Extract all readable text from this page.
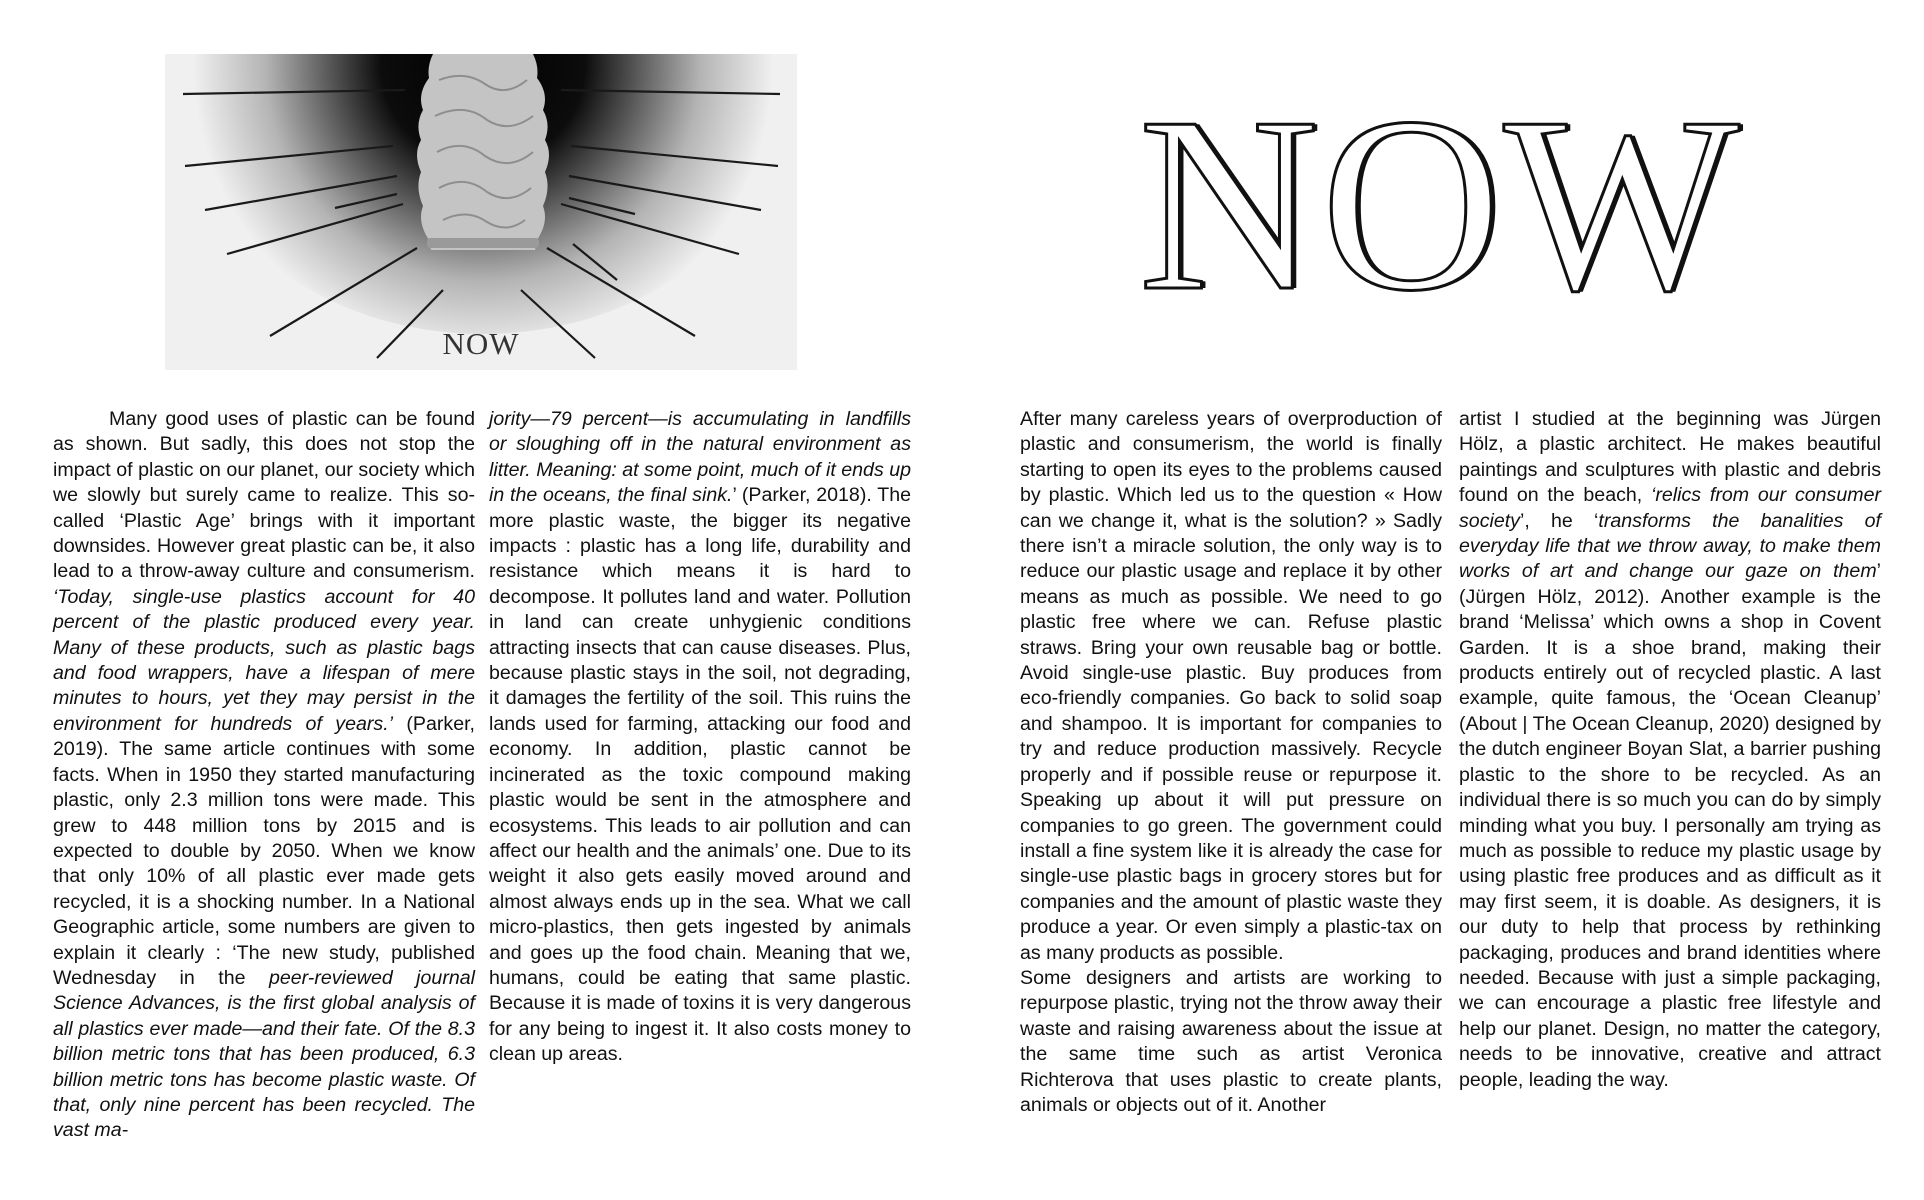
NOW
NOW

Many good uses of plastic can be found as shown. But sadly, this does not stop the impact of plastic on our planet, our society which we slowly but surely came to realize. This so-called ‘Plastic Age’ brings with it important downsides. However great plastic can be, it also lead to a throw-away culture and consumerism. ‘Today, single-use plastics account for 40 percent of the plastic produced every year. Many of these products, such as plastic bags and food wrappers, have a lifespan of mere minutes to hours, yet they may persist in the environment for hundreds of years.’ (Parker, 2019). The same article continues with some facts. When in 1950 they started manufacturing plastic, only 2.3 million tons were made. This grew to 448 million tons by 2015 and is expected to double by 2050. When we know that only 10% of all plastic ever made gets recycled, it is a shocking number. In a National Geographic article, some numbers are given to explain it clearly : ‘The new study, published Wednesday in the peer-reviewed journal Science Advances, is the first global analysis of all plastics ever made—and their fate. Of the 8.3 billion metric tons that has been produced, 6.3 billion metric tons has become plastic waste. Of that, only nine percent has been recycled. The vast ma-

jority—79 percent—is accumulating in landfills or sloughing off in the natural environment as litter. Meaning: at some point, much of it ends up in the oceans, the final sink.’ (Parker, 2018). The more plastic waste, the bigger its negative impacts : plastic has a long life, durability and resistance which means it is hard to decompose. It pollutes land and water. Pollution in land can create unhygienic conditions attracting insects that can cause diseases. Plus, because plastic stays in the soil, not degrading, it damages the fertility of the soil. This ruins the lands used for farming, attacking our food and economy. In addition, plastic cannot be incinerated as the toxic compound making plastic would be sent in the atmosphere and ecosystems. This leads to air pollution and can affect our health and the animals’ one. Due to its weight it also gets easily moved around and almost always ends up in the sea. What we call micro-plastics, then gets ingested by animals and goes up the food chain. Meaning that we, humans, could be eating that same plastic. Because it is made of toxins it is very dangerous for any being to ingest it. It also costs money to clean up areas.

After many careless years of overproduction of plastic and consumerism, the world is finally starting to open its eyes to the problems caused by plastic. Which led us to the question « How can we change it, what is the solution? » Sadly there isn’t a miracle solution, the only way is to reduce our plastic usage and replace it by other means as much as possible. We need to go plastic free where we can. Refuse plastic straws. Bring your own reusable bag or bottle. Avoid single-use plastic. Buy produces from eco-friendly companies. Go back to solid soap and shampoo. It is important for companies to try and reduce production massively. Recycle properly and if possible reuse or repurpose it. Speaking up about it will put pressure on companies to go green. The government could install a fine system like it is already the case for single-use plastic bags in grocery stores but for companies and the amount of plastic waste they produce a year. Or even simply a plastic-tax on as many products as possible.

Some designers and artists are working to repurpose plastic, trying not the throw away their waste and raising awareness about the issue at the same time such as artist Veronica Richterova that uses plastic to create plants, animals or objects out of it. Another

artist I studied at the beginning was Jürgen Hölz, a plastic architect. He makes beautiful paintings and sculptures with plastic and debris found on the beach, ‘relics from our consumer society’, he ‘transforms the banalities of everyday life that we throw away, to make them works of art and change our gaze on them’ (Jürgen Hölz, 2012). Another example is the brand ‘Melissa’ which owns a shop in Covent Garden. It is a shoe brand, making their products entirely out of recycled plastic. A last example, quite famous, the ‘Ocean Cleanup’ (About | The Ocean Cleanup, 2020) designed by the dutch engineer Boyan Slat, a barrier pushing plastic to the shore to be recycled. As an individual there is so much you can do by simply minding what you buy. I personally am trying as much as possible to reduce my plastic usage by using plastic free produces and as difficult as it may first seem, it is doable. As designers, it is our duty to help that process by rethinking packaging, produces and brand identities where needed. Because with just a simple packaging, we can encourage a plastic free lifestyle and help our planet. Design, no matter the category, needs to be innovative, creative and attract people, leading the way.
